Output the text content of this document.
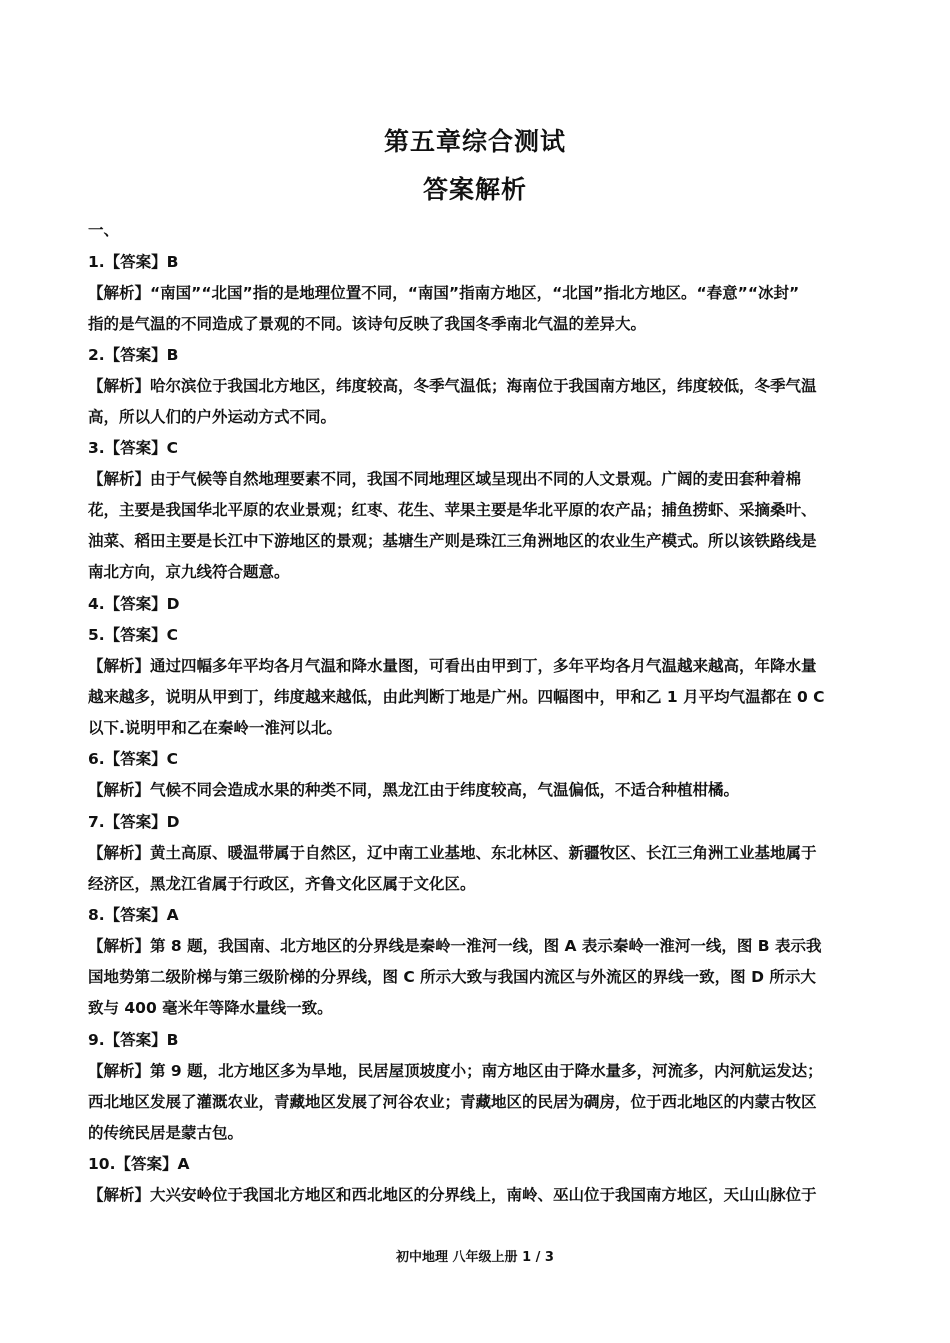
第五章综合测试
答案解析
一、
1.【答案】B
【解析】“南国”“北国”指的是地理位置不同，“南国”指南方地区，“北国”指北方地区。“春意”“冰封”
指的是气温的不同造成了景观的不同。该诗句反映了我国冬季南北气温的差异大。
2.【答案】B
【解析】哈尔滨位于我国北方地区，纬度较高，冬季气温低；海南位于我国南方地区，纬度较低，冬季气温
高，所以人们的户外运动方式不同。
3.【答案】C
【解析】由于气候等自然地理要素不同，我国不同地理区域呈现出不同的人文景观。广阔的麦田套种着棉
花，主要是我国华北平原的农业景观；红枣、花生、苹果主要是华北平原的农产品；捕鱼捞虾、采摘桑叶、
油菜、稻田主要是长江中下游地区的景观；基塘生产则是珠江三角洲地区的农业生产模式。所以该铁路线是
南北方向，京九线符合题意。
4.【答案】D
5.【答案】C
【解析】通过四幅多年平均各月气温和降水量图，可看出由甲到丁，多年平均各月气温越来越高，年降水量
越来越多，说明从甲到丁，纬度越来越低，由此判断丁地是广州。四幅图中，甲和乙 1 月平均气温都在 0 C
以下.说明甲和乙在秦岭一淮河以北。
6.【答案】C
【解析】气候不同会造成水果的种类不同，黑龙江由于纬度较高，气温偏低，不适合种植柑橘。
7.【答案】D
【解析】黄土高原、暖温带属于自然区，辽中南工业基地、东北林区、新疆牧区、长江三角洲工业基地属于
经济区，黑龙江省属于行政区，齐鲁文化区属于文化区。
8.【答案】A
【解析】第 8 题，我国南、北方地区的分界线是秦岭一淮河一线，图 A 表示秦岭一淮河一线，图 B 表示我
国地势第二级阶梯与第三级阶梯的分界线，图 C 所示大致与我国内流区与外流区的界线一致，图 D 所示大
致与 400 毫米年等降水量线一致。
9.【答案】B
【解析】第 9 题，北方地区多为旱地，民居屋顶坡度小；南方地区由于降水量多，河流多，内河航运发达；
西北地区发展了灌溉农业，青藏地区发展了河谷农业；青藏地区的民居为碉房，位于西北地区的内蒙古牧区
的传统民居是蒙古包。
10.【答案】A
【解析】大兴安岭位于我国北方地区和西北地区的分界线上，南岭、巫山位于我国南方地区，天山山脉位于
初中地理 八年级上册 1 / 3
